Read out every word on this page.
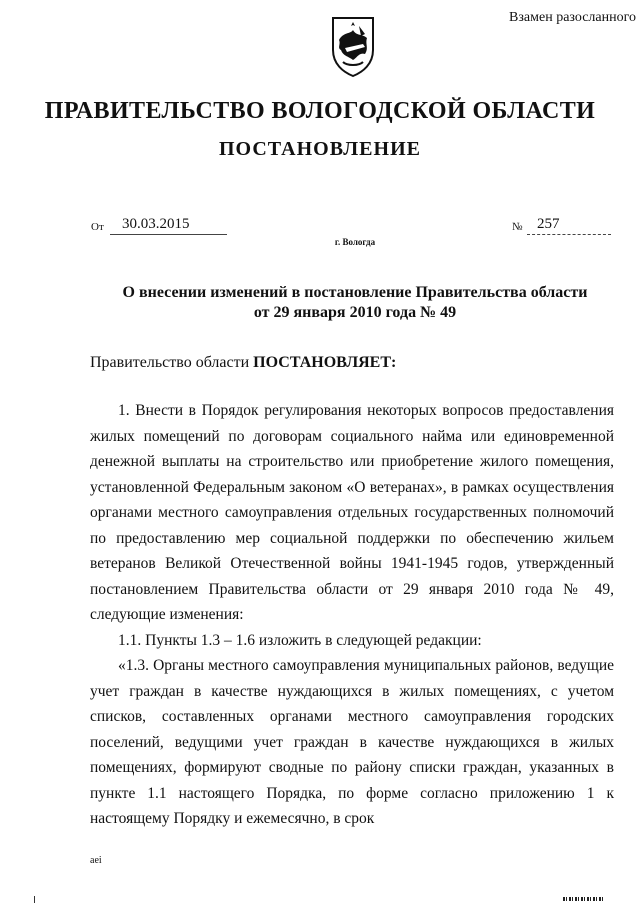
Взамен разосланного
ПРАВИТЕЛЬСТВО ВОЛОГОДСКОЙ ОБЛАСТИ
ПОСТАНОВЛЕНИЕ
От 30.03.2015
г. Вологда
№ 257
О внесении изменений в постановление Правительства области
от 29 января 2010 года № 49
Правительство области ПОСТАНОВЛЯЕТ:

1. Внести в Порядок регулирования некоторых вопросов предоставления жилых помещений по договорам социального найма или единовременной денежной выплаты на строительство или приобретение жилого помещения, установленной Федеральным законом «О ветеранах», в рамках осуществления органами местного самоуправления отдельных государственных полномочий по предоставлению мер социальной поддержки по обеспечению жильем ветеранов Великой Отечественной войны 1941-1945 годов, утвержденный постановлением Правительства области от 29 января 2010 года № 49, следующие изменения:

1.1. Пункты 1.3 – 1.6 изложить в следующей редакции:

«1.3. Органы местного самоуправления муниципальных районов, ведущие учет граждан в качестве нуждающихся в жилых помещениях, с учетом списков, составленных органами местного самоуправления городских поселений, ведущими учет граждан в качестве нуждающихся в жилых помещениях, формируют сводные по району списки граждан, указанных в пункте 1.1 настоящего Порядка, по форме согласно приложению 1 к настоящему Порядку и ежемесячно, в срок

aei
